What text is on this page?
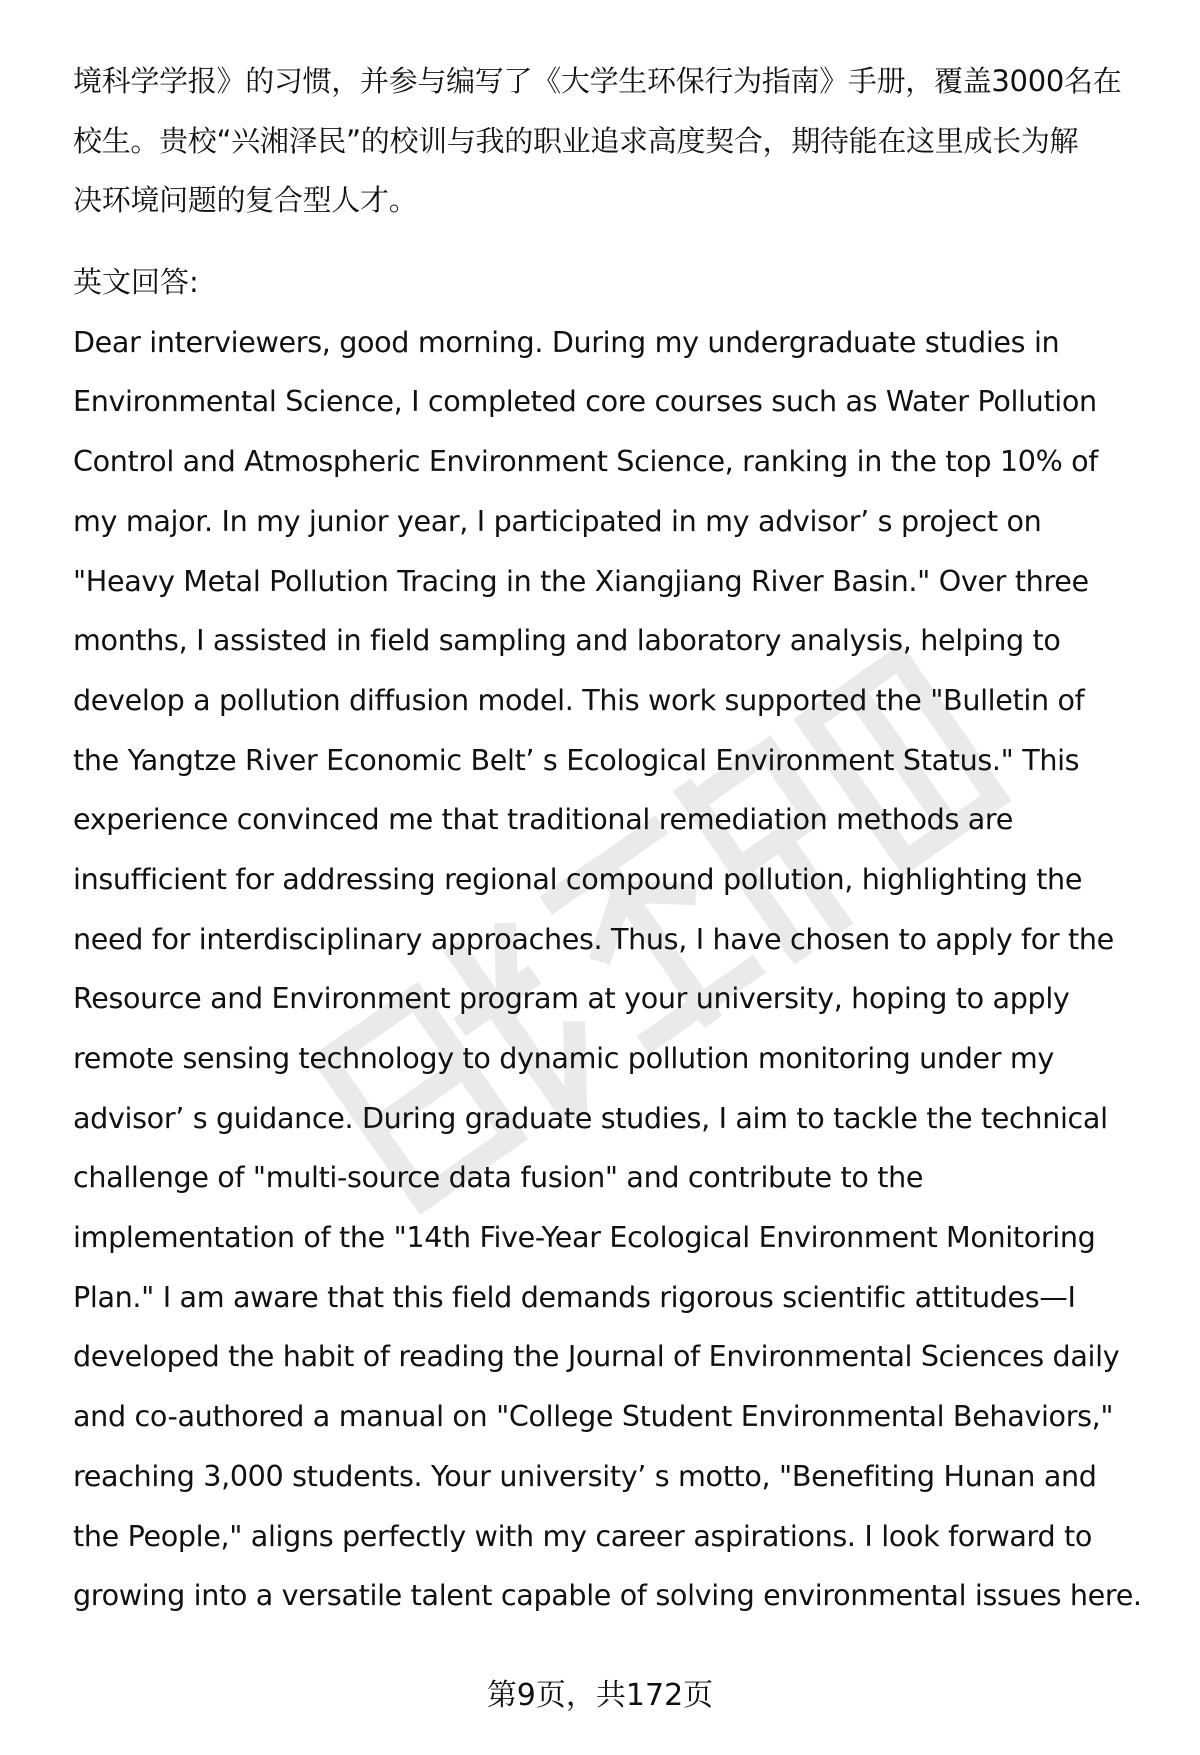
境科学学报》的习惯，并参与编写了《大学生环保行为指南》手册，覆盖3000名在
校生。贵校“兴湘泽民”的校训与我的职业追求高度契合，期待能在这里成长为解
决环境问题的复合型人才。
英文回答:
Dear interviewers, good morning. During my undergraduate studies in
Environmental Science, I completed core courses such as Water Pollution
Control and Atmospheric Environment Science, ranking in the top 10% of
my major. In my junior year, I participated in my advisor’ s project on
"Heavy Metal Pollution Tracing in the Xiangjiang River Basin." Over three
months, I assisted in field sampling and laboratory analysis, helping to
develop a pollution diffusion model. This work supported the "Bulletin of
the Yangtze River Economic Belt’ s Ecological Environment Status." This
experience convinced me that traditional remediation methods are
insufficient for addressing regional compound pollution, highlighting the
need for interdisciplinary approaches. Thus, I have chosen to apply for the
Resource and Environment program at your university, hoping to apply
remote sensing technology to dynamic pollution monitoring under my
advisor’ s guidance. During graduate studies, I aim to tackle the technical
challenge of "multi-source data fusion" and contribute to the
implementation of the "14th Five-Year Ecological Environment Monitoring
Plan." I am aware that this field demands rigorous scientific attitudes—I
developed the habit of reading the Journal of Environmental Sciences daily
and co-authored a manual on "College Student Environmental Behaviors,"
reaching 3,000 students. Your university’ s motto, "Benefiting Hunan and
the People," aligns perfectly with my career aspirations. I look forward to
growing into a versatile talent capable of solving environmental issues here.
第9页，共172页
